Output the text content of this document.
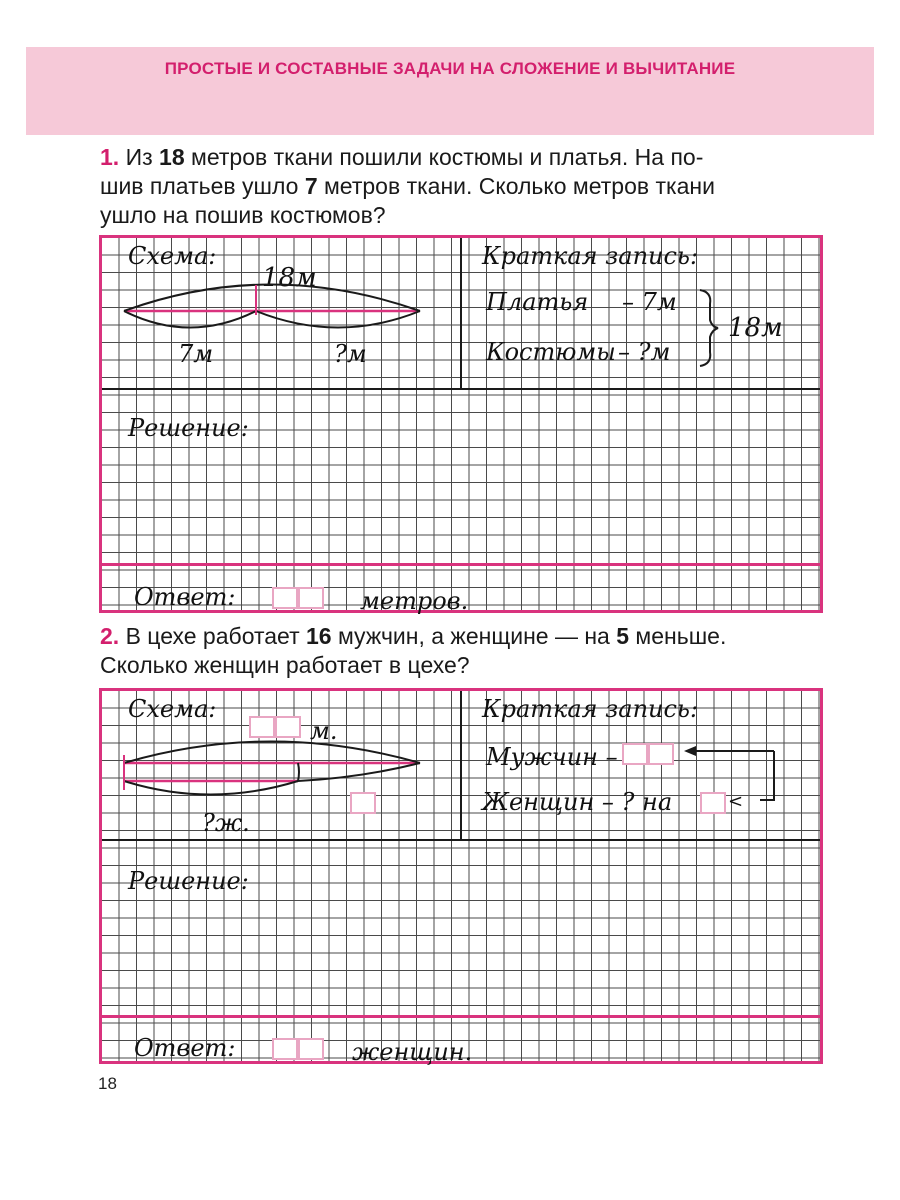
ПРОСТЫЕ И СОСТАВНЫЕ ЗАДАЧИ НА СЛОЖЕНИЕ И ВЫЧИТАНИЕ
1. Из 18 метров ткани пошили костюмы и платья. На по-
шив платьев ушло 7 метров ткани. Сколько метров ткани
ушло на пошив костюмов?
Схема:
18м
7м	?м
Краткая запись:
Платья – 7м
Костюмы – ?м
18м
Решение:
Ответ:	метров.
2. В цехе работает 16 мужчин, а женщине — на 5 меньше.
Сколько женщин работает в цехе?
Схема:
м.
?ж.
Краткая запись:
Мужчин –
Женщин – ? на	<
Решение:
Ответ:	женщин.
18
